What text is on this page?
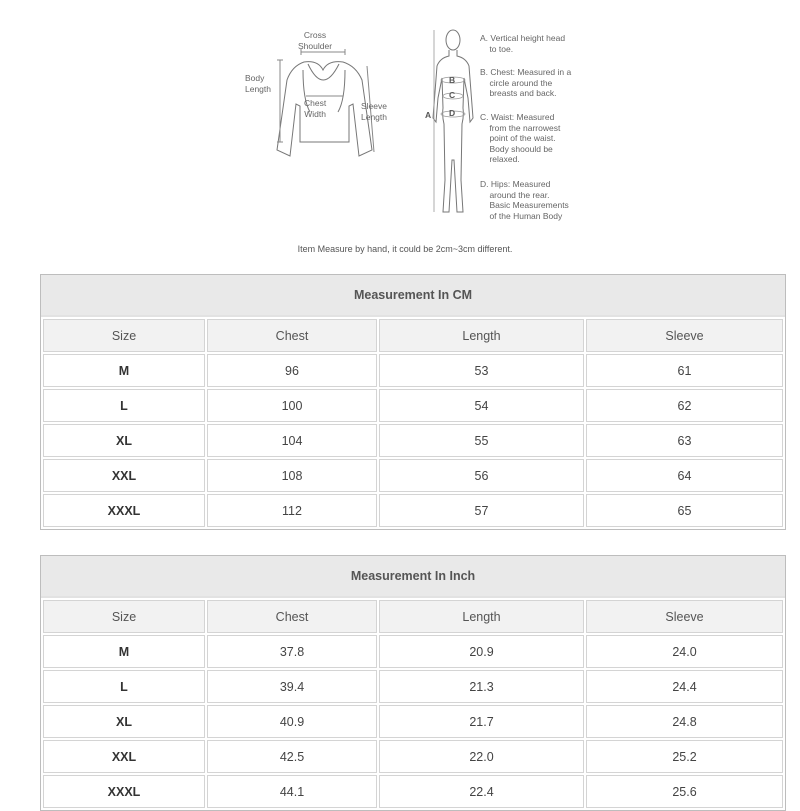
Cross
Shoulder
Body
Length
Chest
Width
Sleeve
Length	A
B
C
D
A. Vertical height head
to toe.
B. Chest: Measured in a
circle around the
breasts and back.
C. Waist: Measured
from the narrowest
point of the waist.
Body shoould be
relaxed.
D. Hips: Measured
around the rear.
Basic Measurements
of the Human Body
Item Measure by hand, it could be 2cm~3cm different.
Measurement In CM
Size	Chest	Length	Sleeve
M	96	53	61
L	100	54	62
XL	104	55	63
XXL	108	56	64
XXXL	112	57	65
Measurement In Inch
Size	Chest	Length	Sleeve
M	37.8	20.9	24.0
L	39.4	21.3	24.4
XL	40.9	21.7	24.8
XXL	42.5	22.0	25.2
XXXL	44.1	22.4	25.6
